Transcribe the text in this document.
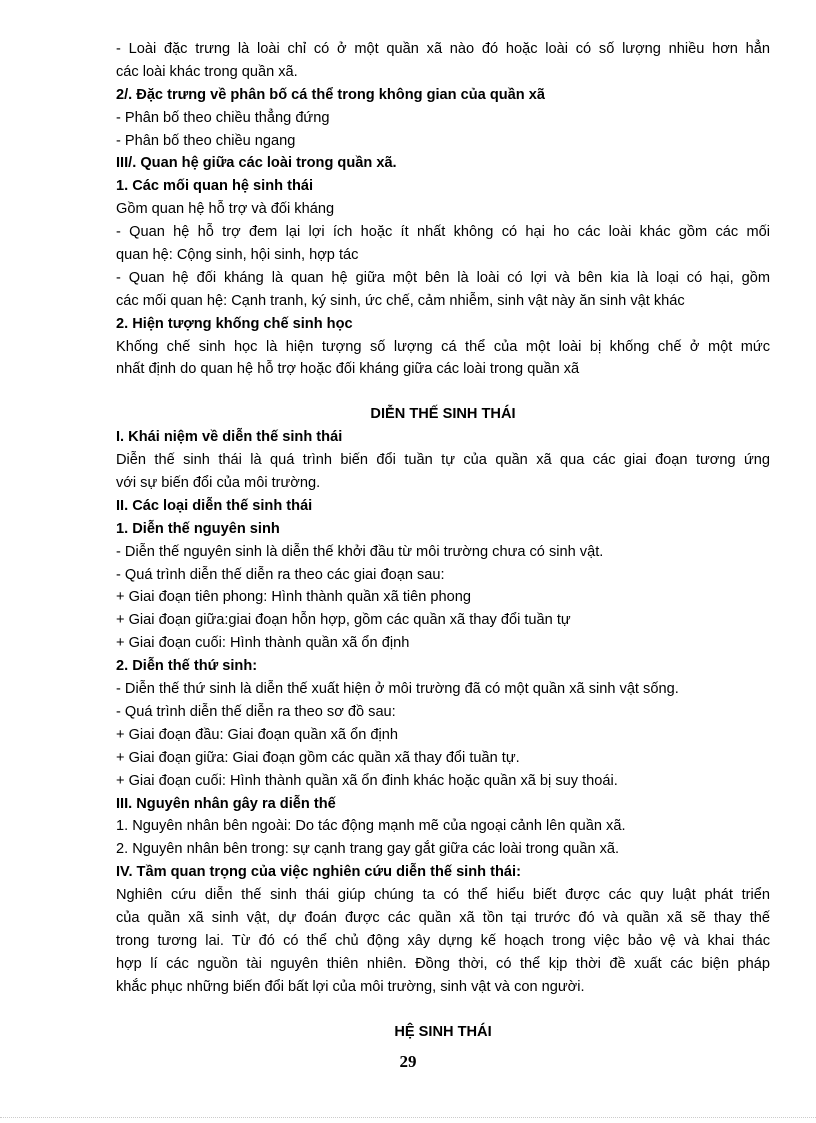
- Loài đặc trưng là loài chỉ có ở một quần xã nào đó hoặc loài có số lượng nhiều hơn hẳn
các loài khác trong quần xã.
2/. Đặc trưng về phân bố cá thể trong không gian của quần xã
- Phân bố theo chiều thẳng đứng
- Phân bố theo chiều ngang
III/. Quan hệ giữa các loài trong quần xã.
1. Các mối quan hệ sinh thái
Gồm quan hệ hỗ trợ và đối kháng
- Quan hệ hỗ trợ đem lại lợi ích hoặc ít nhất không có hại ho các loài khác gồm các mối
quan hệ: Cộng sinh, hội sinh, hợp tác
- Quan hệ đối kháng là quan hệ giữa một bên là loài có lợi và bên kia là loại có hại, gồm
các mối quan hệ: Cạnh tranh, ký sinh, ức chế, cảm nhiễm, sinh vật này ăn sinh vật khác
2. Hiện tượng khống chế sinh học
Khống chế sinh học là hiện tượng số lượng cá thể của một loài bị khống chế ở một mức
nhất định do quan hệ hỗ trợ hoặc đối kháng giữa các loài trong quần xã
DIỄN THẾ SINH THÁI
I. Khái niệm về diễn thế sinh thái
Diễn thế sinh thái là quá trình biến đổi tuần tự của quần xã qua các giai đoạn tương ứng
với sự biến đổi của môi trường.
II. Các loại diễn thế sinh thái
1. Diễn thế nguyên sinh
- Diễn thế nguyên sinh là diễn thế khởi đầu từ môi trường chưa có sinh vật.
- Quá trình diễn thế diễn ra theo các giai đoạn sau:
+ Giai đoạn tiên phong: Hình thành quần xã tiên phong
+ Giai đoạn giữa:giai đoạn hỗn hợp, gồm các quần xã thay đổi tuần tự
+ Giai đoạn cuối: Hình thành quần xã ổn định
2. Diễn thế thứ sinh:
- Diễn thế thứ sinh là diễn thế xuất hiện ở môi trường đã có một quần xã sinh vật sống.
- Quá trình diễn thế diễn ra theo sơ đồ sau:
+ Giai đoạn đầu: Giai đoạn quần xã ổn định
+ Giai đoạn giữa: Giai đoạn gồm các quần xã thay đổi tuần tự.
+ Giai đoạn cuối: Hình thành quần xã ổn đinh khác hoặc quần xã bị suy thoái.
III. Nguyên nhân gây ra diễn thế
1. Nguyên nhân bên ngoài: Do tác động mạnh mẽ của ngoại cảnh lên quần xã.
2. Nguyên nhân bên trong: sự cạnh trang gay gắt giữa các loài trong quần xã.
IV. Tầm quan trọng của việc nghiên cứu diễn thế sinh thái:
Nghiên cứu diễn thế sinh thái giúp chúng ta có thể hiểu biết được các quy luật phát triển
của quần xã sinh vật, dự đoán được các quần xã tồn tại trước đó và quần xã sẽ thay thế
trong tương lai. Từ đó có thể chủ động xây dựng kế hoạch trong việc bảo vệ và khai thác
hợp lí các nguồn tài nguyên thiên nhiên. Đồng thời, có thể kịp thời đề xuất các biện pháp
khắc phục những biến đổi bất lợi của môi trường, sinh vật và con người.
HỆ SINH THÁI
29
